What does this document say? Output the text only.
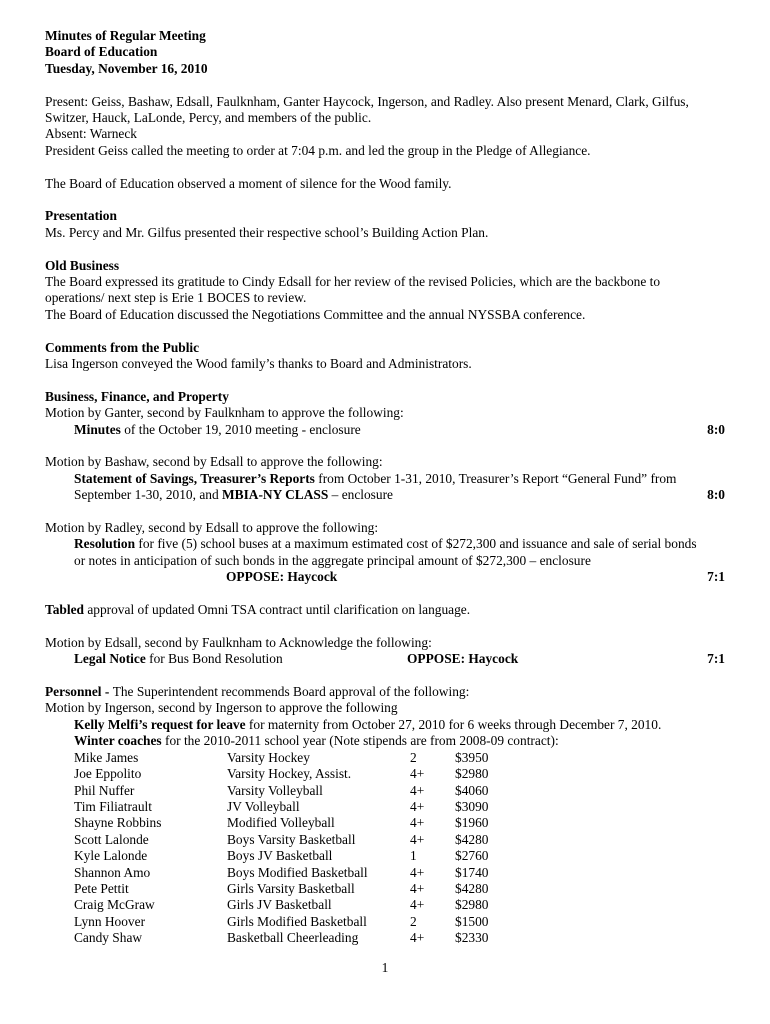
Minutes of Regular Meeting
Board of Education
Tuesday, November 16, 2010
Present: Geiss, Bashaw, Edsall, Faulknham, Ganter Haycock, Ingerson, and Radley. Also present Menard, Clark, Gilfus,
Switzer, Hauck, LaLonde, Percy, and members of the public.
Absent: Warneck
President Geiss called the meeting to order at 7:04 p.m. and led the group in the Pledge of Allegiance.
The Board of Education observed a moment of silence for the Wood family.
Presentation
Ms. Percy and Mr. Gilfus presented their respective school’s Building Action Plan.
Old Business
The Board expressed its gratitude to Cindy Edsall for her review of the revised Policies, which are the backbone to
operations/ next step is Erie 1 BOCES to review.
The Board of Education discussed the Negotiations Committee and the annual NYSSBA conference.
Comments from the Public
Lisa Ingerson conveyed the Wood family’s thanks to Board and Administrators.
Business, Finance, and Property
Motion by Ganter, second by Faulknham to approve the following:
Minutes of the October 19, 2010 meeting - enclosure	8:0
Motion by Bashaw, second by Edsall to approve the following:
Statement of Savings, Treasurer’s Reports from October 1-31, 2010, Treasurer’s Report “General Fund” from
September 1-30, 2010, and MBIA-NY CLASS – enclosure	8:0
Motion by Radley, second by Edsall to approve the following:
Resolution for five (5) school buses at a maximum estimated cost of $272,300 and issuance and sale of serial bonds
or notes in anticipation of such bonds in the aggregate principal amount of $272,300 – enclosure
OPPOSE: Haycock	7:1
Tabled approval of updated Omni TSA contract until clarification on language.
Motion by Edsall, second by Faulknham to Acknowledge the following:
Legal Notice for Bus Bond Resolution	OPPOSE: Haycock	7:1
Personnel - The Superintendent recommends Board approval of the following:
Motion by Ingerson, second by Ingerson to approve the following
Kelly Melfi’s request for leave for maternity from October 27, 2010 for 6 weeks through December 7, 2010.
Winter coaches for the 2010-2011 school year (Note stipends are from 2008-09 contract):
Mike James	Varsity Hockey	2	$3950
Joe Eppolito	Varsity Hockey, Assist.	4+	$2980
Phil Nuffer	Varsity Volleyball	4+	$4060
Tim Filiatrault	JV Volleyball	4+	$3090
Shayne Robbins	Modified Volleyball	4+	$1960
Scott Lalonde	Boys Varsity Basketball	4+	$4280
Kyle Lalonde	Boys JV Basketball	1	$2760
Shannon Amo	Boys Modified Basketball	4+	$1740
Pete Pettit	Girls Varsity Basketball	4+	$4280
Craig McGraw	Girls JV Basketball	4+	$2980
Lynn Hoover	Girls Modified Basketball	2	$1500
Candy Shaw	Basketball Cheerleading	4+	$2330
1
